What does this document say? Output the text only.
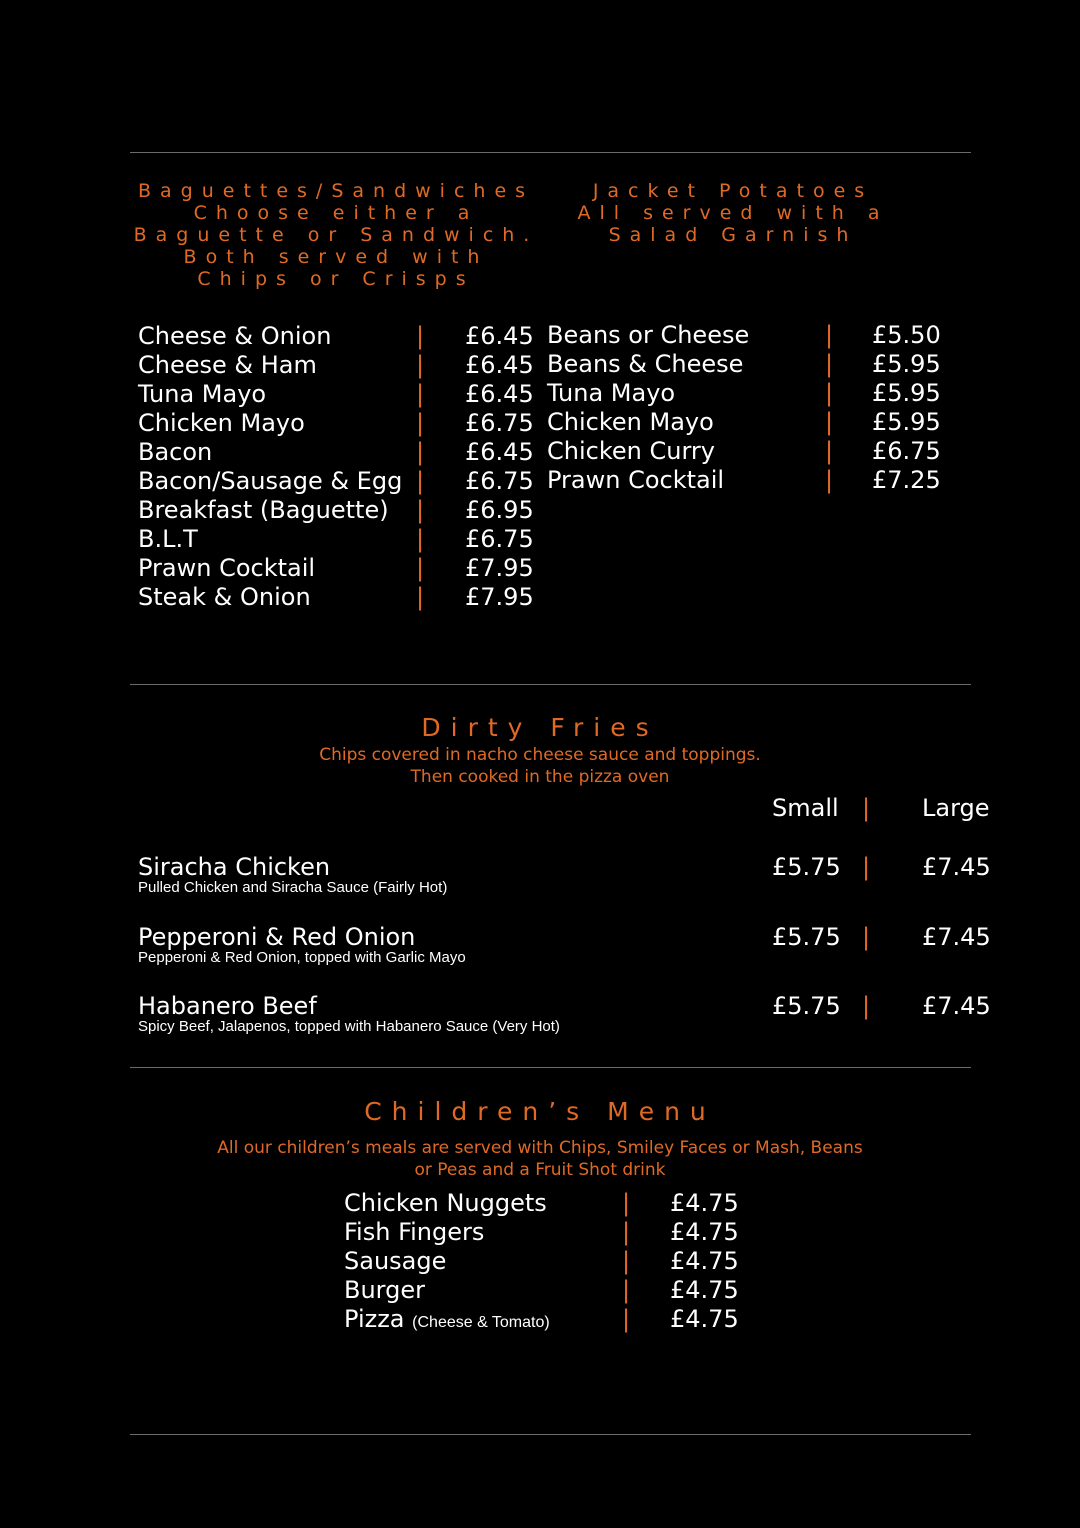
Baguettes/Sandwiches
Choose either a
Baguette or Sandwich.
Both served with
Chips or Crisps
Jacket Potatoes
All served with a
Salad Garnish
Cheese & Onion	| £6.45
Cheese & Ham	| £6.45
Tuna Mayo	| £6.45
Chicken Mayo	| £6.75
Bacon	| £6.45
Bacon/Sausage & Egg | £6.75
Breakfast (Baguette) | £6.95
B.L.T	| £6.75
Prawn Cocktail	| £7.95
Steak & Onion	| £7.95
Beans or Cheese	| £5.50
Beans & Cheese	| £5.95
Tuna Mayo	| £5.95
Chicken Mayo	| £5.95
Chicken Curry	| £6.75
Prawn Cocktail	| £7.25
Dirty Fries
Chips covered in nacho cheese sauce and toppings.
Then cooked in the pizza oven
Small | Large
Siracha Chicken
Pulled Chicken and Siracha Sauce (Fairly Hot)
£5.75 | £7.45
Pepperoni & Red Onion
Pepperoni & Red Onion, topped with Garlic Mayo
£5.75 | £7.45
Habanero Beef
Spicy Beef, Jalapenos, topped with Habanero Sauce (Very Hot)
£5.75 | £7.45
Children’s Menu
All our children’s meals are served with Chips, Smiley Faces or Mash, Beans
or Peas and a Fruit Shot drink
Chicken Nuggets	| £4.75
Fish Fingers	| £4.75
Sausage	| £4.75
Burger	| £4.75
Pizza (Cheese & Tomato)	| £4.75
